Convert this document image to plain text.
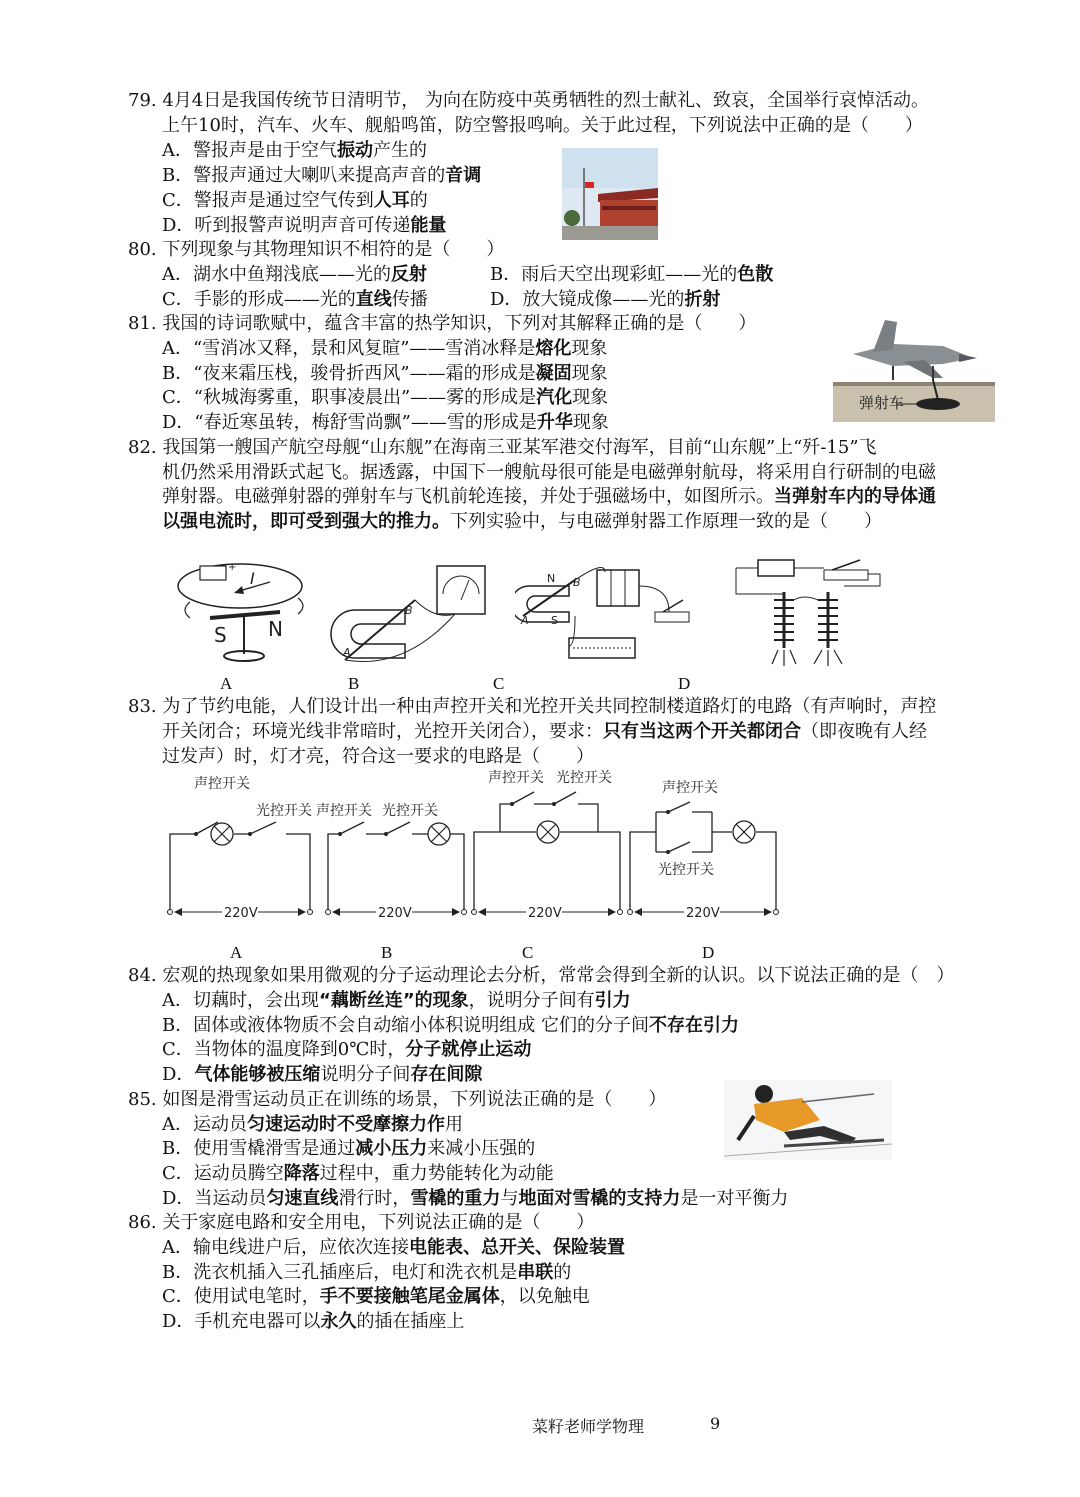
79. 4月4日是我国传统节日清明节， 为向在防疫中英勇牺牲的烈士献礼、致哀，全国举行哀悼活动。
上午10时，汽车、火车、舰船鸣笛，防空警报鸣响。关于此过程，下列说法中正确的是（　　）
A．警报声是由于空气振动产生的
B．警报声通过大喇叭来提高声音的音调
C．警报声是通过空气传到人耳的
D．听到报警声说明声音可传递能量
80. 下列现象与其物理知识不相符的是（　　）
A．湖水中鱼翔浅底——光的反射	B．雨后天空出现彩虹——光的色散
C．手影的形成——光的直线传播	D．放大镜成像——光的折射
81. 我国的诗词歌赋中，蕴含丰富的热学知识，下列对其解释正确的是（　　）
A．“雪消冰又释，景和风复暄”——雪消冰释是熔化现象
B．“夜来霜压栈，骏骨折西风”——霜的形成是凝固现象
C．“秋城海雾重，职事凌晨出”——雾的形成是汽化现象
D．“春近寒虽转，梅舒雪尚飘”——雪的形成是升华现象
弹射车
82. 我国第一艘国产航空母舰“山东舰”在海南三亚某军港交付海军，目前“山东舰”上“歼-15”飞
机仍然采用滑跃式起飞。据透露，中国下一艘航母很可能是电磁弹射航母，将采用自行研制的电磁
弹射器。电磁弹射器的弹射车与飞机前轮连接，并处于强磁场中，如图所示。当弹射车内的导体通
以强电流时，即可受到强大的推力。下列实验中，与电磁弹射器工作原理一致的是（　　）
+
I
S N
B
A
N B
A S
A	B	C	D
83. 为了节约电能，人们设计出一种由声控开关和光控开关共同控制楼道路灯的电路（有声响时，声控
开关闭合；环境光线非常暗时，光控开关闭合），要求：只有当这两个开关都闭合（即夜晚有人经
过发声）时，灯才亮，符合这一要求的电路是（　　）
声控开关
光控开关
220V
声控开关 光控开关
220V
声控开关 光控开关
220V
声控开关
光控开关
220V
A	B	C	D
84. 宏观的热现象如果用微观的分子运动理论去分析，常常会得到全新的认识。以下说法正确的是（　）
A．切藕时，会出现“藕断丝连”的现象，说明分子间有引力
B．固体或液体物质不会自动缩小体积说明组成 它们的分子间不存在引力
C．当物体的温度降到0℃时，分子就停止运动
D．气体能够被压缩说明分子间存在间隙
85. 如图是滑雪运动员正在训练的场景，下列说法正确的是（　　）
A．运动员匀速运动时不受摩擦力作用
B．使用雪橇滑雪是通过减小压力来减小压强的
C．运动员腾空降落过程中，重力势能转化为动能
D．当运动员匀速直线滑行时，雪橇的重力与地面对雪橇的支持力是一对平衡力
86. 关于家庭电路和安全用电，下列说法正确的是（　　）
A．输电线进户后，应依次连接电能表、总开关、保险装置
B．洗衣机插入三孔插座后，电灯和洗衣机是串联的
C．使用试电笔时，手不要接触笔尾金属体，以免触电
D．手机充电器可以永久的插在插座上
菜籽老师学物理	9
